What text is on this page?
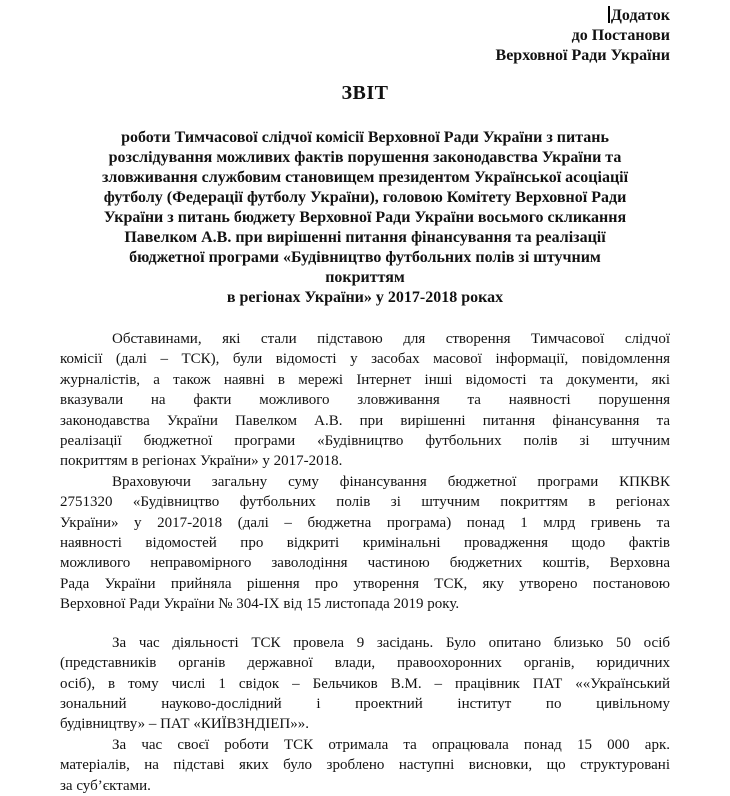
Додаток
до Постанови
Верховної Ради України
ЗВІТ
роботи Тимчасової слідчої комісії Верховної Ради України з питань
розслідування можливих фактів порушення законодавства України та
зловживання службовим становищем президентом Української асоціації
футболу (Федерації футболу України), головою Комітету Верховної Ради
України з питань бюджету Верховної Ради України восьмого скликання
Павелком А.В. при вирішенні питання фінансування та реалізації
бюджетної програми «Будівництво футбольних полів зі штучним
покриттям
в регіонах України» у 2017-2018 роках
Обставинами, які стали підставою для створення Тимчасової слідчої
комісії (далі – ТСК), були відомості у засобах масової інформації, повідомлення
журналістів, а також наявні в мережі Інтернет інші відомості та документи, які
вказували на факти можливого зловживання та наявності порушення
законодавства України Павелком А.В. при вирішенні питання фінансування та
реалізації бюджетної програми «Будівництво футбольних полів зі штучним
покриттям в регіонах України» у 2017-2018.
Враховуючи загальну суму фінансування бюджетної програми КПКВК
2751320 «Будівництво футбольних полів зі штучним покриттям в регіонах
України» у 2017-2018 (далі – бюджетна програма) понад 1 млрд гривень та
наявності відомостей про відкриті кримінальні провадження щодо фактів
можливого неправомірного заволодіння частиною бюджетних коштів, Верховна
Рада України прийняла рішення про утворення ТСК, яку утворено постановою
Верховної Ради України № 304-IX від 15 листопада 2019 року.
За час діяльності ТСК провела 9 засідань. Було опитано близько 50 осіб
(представників органів державної влади, правоохоронних органів, юридичних
осіб), в тому числі 1 свідок – Бельчиков В.М. – працівник ПАТ ««Український
зональний науково-дослідний і проектний інститут по цивільному
будівництву» – ПАТ «КИЇВЗНДІЕП»».
За час своєї роботи ТСК отримала та опрацювала понад 15 000 арк.
матеріалів, на підставі яких було зроблено наступні висновки, що структуровані
за суб’єктами.
